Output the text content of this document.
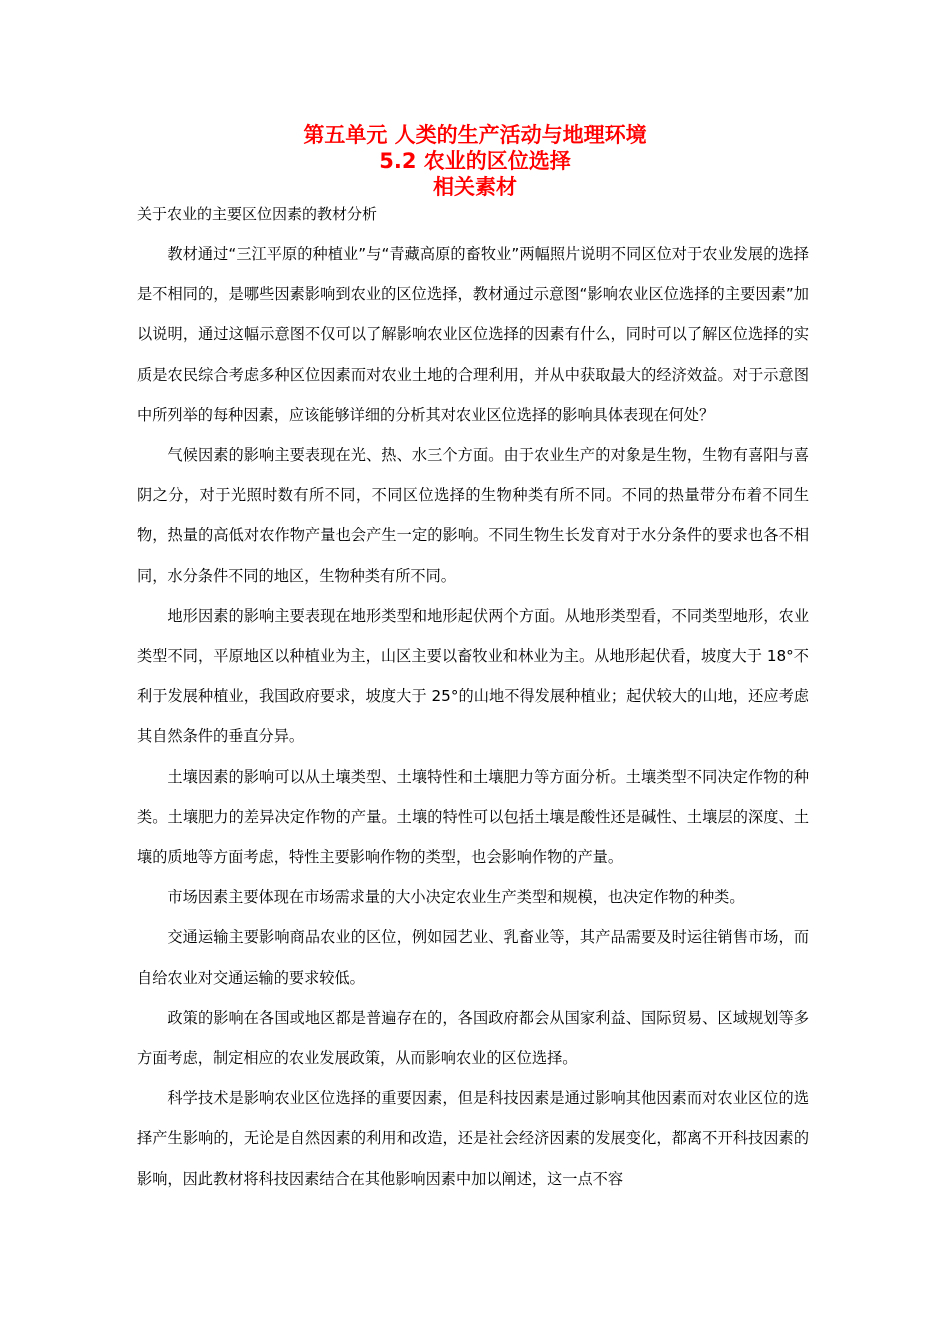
第五单元 人类的生产活动与地理环境
5.2 农业的区位选择
相关素材
关于农业的主要区位因素的教材分析

教材通过“三江平原的种植业”与“青藏高原的畜牧业”两幅照片说明不同区位对于农业发展的选择是不相同的，是哪些因素影响到农业的区位选择，教材通过示意图“影响农业区位选择的主要因素”加以说明，通过这幅示意图不仅可以了解影响农业区位选择的因素有什么，同时可以了解区位选择的实质是农民综合考虑多种区位因素而对农业土地的合理利用，并从中获取最大的经济效益。对于示意图中所列举的每种因素，应该能够详细的分析其对农业区位选择的影响具体表现在何处？

气候因素的影响主要表现在光、热、水三个方面。由于农业生产的对象是生物，生物有喜阳与喜阴之分，对于光照时数有所不同，不同区位选择的生物种类有所不同。不同的热量带分布着不同生物，热量的高低对农作物产量也会产生一定的影响。不同生物生长发育对于水分条件的要求也各不相同，水分条件不同的地区，生物种类有所不同。

地形因素的影响主要表现在地形类型和地形起伏两个方面。从地形类型看，不同类型地形，农业类型不同，平原地区以种植业为主，山区主要以畜牧业和林业为主。从地形起伏看，坡度大于 18°不利于发展种植业，我国政府要求，坡度大于 25°的山地不得发展种植业；起伏较大的山地，还应考虑其自然条件的垂直分异。

土壤因素的影响可以从土壤类型、土壤特性和土壤肥力等方面分析。土壤类型不同决定作物的种类。土壤肥力的差异决定作物的产量。土壤的特性可以包括土壤是酸性还是碱性、土壤层的深度、土壤的质地等方面考虑，特性主要影响作物的类型，也会影响作物的产量。

市场因素主要体现在市场需求量的大小决定农业生产类型和规模，也决定作物的种类。

交通运输主要影响商品农业的区位，例如园艺业、乳畜业等，其产品需要及时运往销售市场，而自给农业对交通运输的要求较低。

政策的影响在各国或地区都是普遍存在的，各国政府都会从国家利益、国际贸易、区域规划等多方面考虑，制定相应的农业发展政策，从而影响农业的区位选择。

科学技术是影响农业区位选择的重要因素，但是科技因素是通过影响其他因素而对农业区位的选择产生影响的，无论是自然因素的利用和改造，还是社会经济因素的发展变化，都离不开科技因素的影响，因此教材将科技因素结合在其他影响因素中加以阐述，这一点不容
